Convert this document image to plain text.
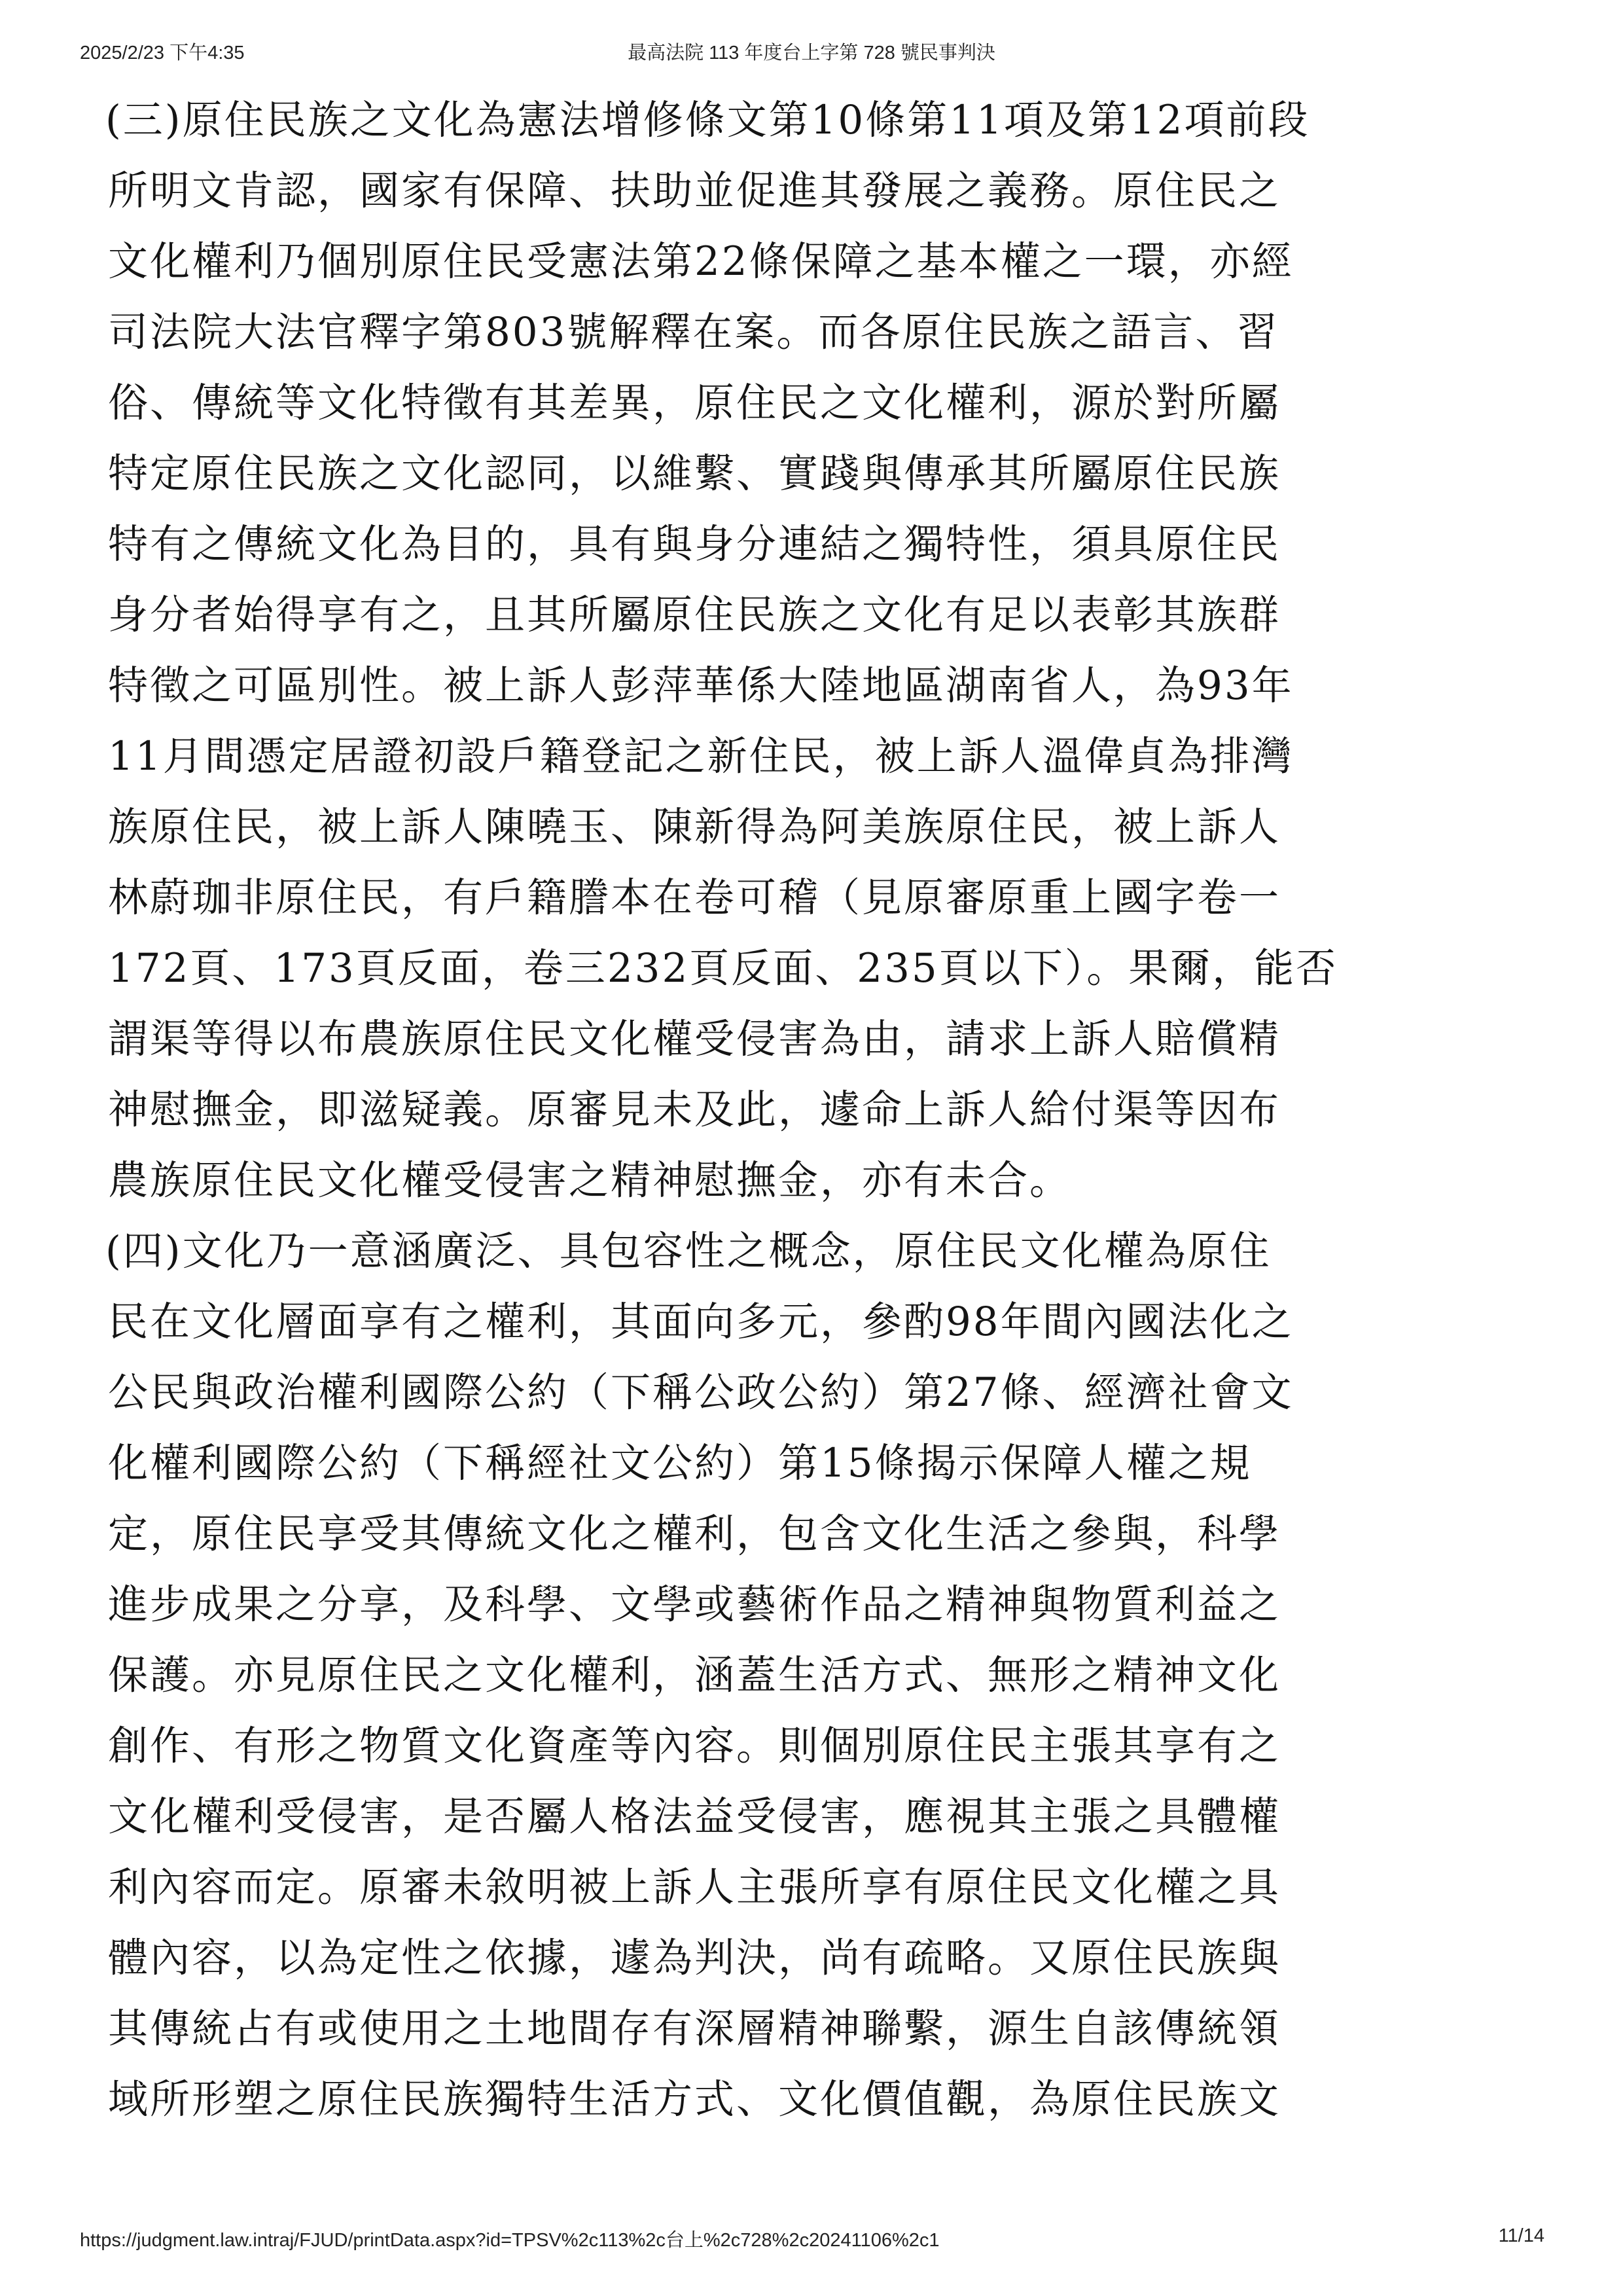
2025/2/23 下午4:35	最高法院 113 年度台上字第 728 號民事判決
(三)原住民族之文化為憲法增修條文第10條第11項及第12項前段
所明文肯認，國家有保障、扶助並促進其發展之義務。原住民之
文化權利乃個別原住民受憲法第22條保障之基本權之一環，亦經
司法院大法官釋字第803號解釋在案。而各原住民族之語言、習
俗、傳統等文化特徵有其差異，原住民之文化權利，源於對所屬
特定原住民族之文化認同，以維繫、實踐與傳承其所屬原住民族
特有之傳統文化為目的，具有與身分連結之獨特性，須具原住民
身分者始得享有之，且其所屬原住民族之文化有足以表彰其族群
特徵之可區別性。被上訴人彭萍華係大陸地區湖南省人，為93年
11月間憑定居證初設戶籍登記之新住民，被上訴人溫偉貞為排灣
族原住民，被上訴人陳曉玉、陳新得為阿美族原住民，被上訴人
林蔚珈非原住民，有戶籍謄本在卷可稽（見原審原重上國字卷一
172頁、173頁反面，卷三232頁反面、235頁以下）。果爾，能否
謂渠等得以布農族原住民文化權受侵害為由，請求上訴人賠償精
神慰撫金，即滋疑義。原審見未及此，遽命上訴人給付渠等因布
農族原住民文化權受侵害之精神慰撫金，亦有未合。
(四)文化乃一意涵廣泛、具包容性之概念，原住民文化權為原住
民在文化層面享有之權利，其面向多元，參酌98年間內國法化之
公民與政治權利國際公約（下稱公政公約）第27條、經濟社會文
化權利國際公約（下稱經社文公約）第15條揭示保障人權之規
定，原住民享受其傳統文化之權利，包含文化生活之參與，科學
進步成果之分享，及科學、文學或藝術作品之精神與物質利益之
保護。亦見原住民之文化權利，涵蓋生活方式、無形之精神文化
創作、有形之物質文化資產等內容。則個別原住民主張其享有之
文化權利受侵害，是否屬人格法益受侵害，應視其主張之具體權
利內容而定。原審未敘明被上訴人主張所享有原住民文化權之具
體內容，以為定性之依據，遽為判決，尚有疏略。又原住民族與
其傳統占有或使用之土地間存有深層精神聯繫，源生自該傳統領
域所形塑之原住民族獨特生活方式、文化價值觀，為原住民族文
https://judgment.law.intraj/FJUD/printData.aspx?id=TPSV%2c113%2c台上%2c728%2c20241106%2c1	11/14
